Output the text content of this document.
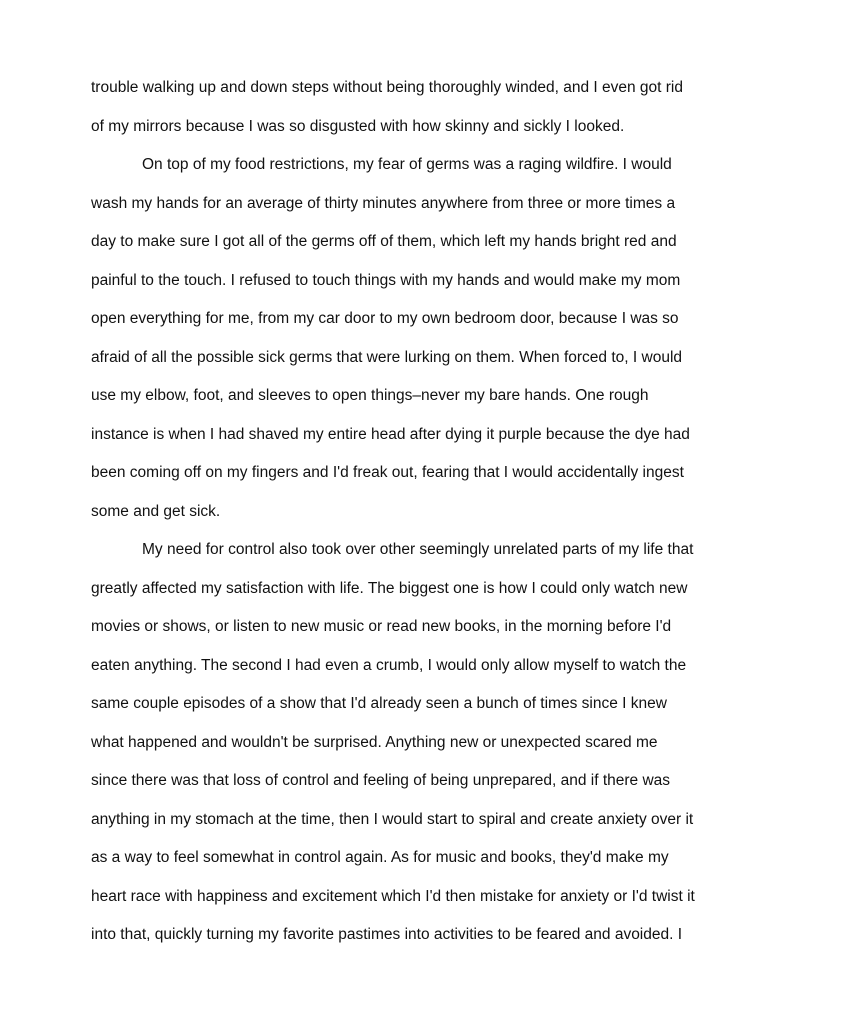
trouble walking up and down steps without being thoroughly winded, and I even got rid
of my mirrors because I was so disgusted with how skinny and sickly I looked.
On top of my food restrictions, my fear of germs was a raging wildfire. I would
wash my hands for an average of thirty minutes anywhere from three or more times a
day to make sure I got all of the germs off of them, which left my hands bright red and
painful to the touch. I refused to touch things with my hands and would make my mom
open everything for me, from my car door to my own bedroom door, because I was so
afraid of all the possible sick germs that were lurking on them. When forced to, I would
use my elbow, foot, and sleeves to open things–never my bare hands. One rough
instance is when I had shaved my entire head after dying it purple because the dye had
been coming off on my fingers and I'd freak out, fearing that I would accidentally ingest
some and get sick.
My need for control also took over other seemingly unrelated parts of my life that
greatly affected my satisfaction with life. The biggest one is how I could only watch new
movies or shows, or listen to new music or read new books, in the morning before I'd
eaten anything. The second I had even a crumb, I would only allow myself to watch the
same couple episodes of a show that I'd already seen a bunch of times since I knew
what happened and wouldn't be surprised. Anything new or unexpected scared me
since there was that loss of control and feeling of being unprepared, and if there was
anything in my stomach at the time, then I would start to spiral and create anxiety over it
as a way to feel somewhat in control again. As for music and books, they'd make my
heart race with happiness and excitement which I'd then mistake for anxiety or I'd twist it
into that, quickly turning my favorite pastimes into activities to be feared and avoided. I
